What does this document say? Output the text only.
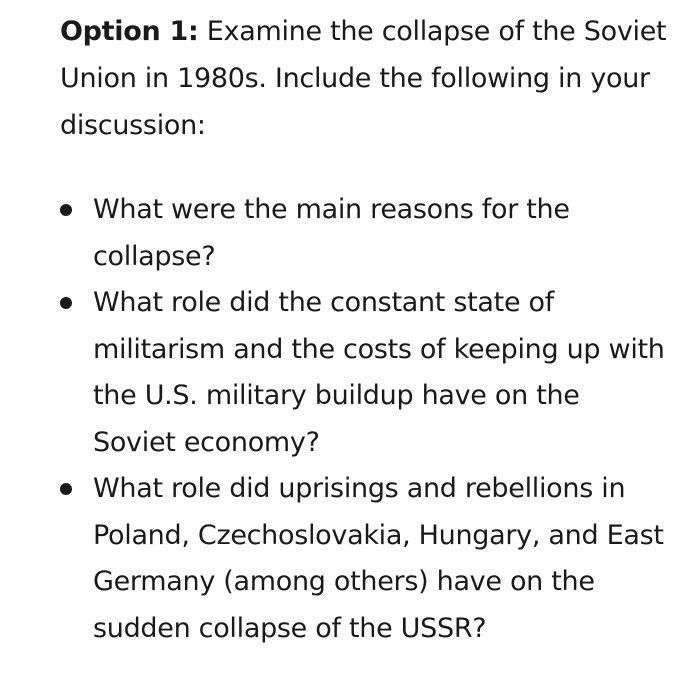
Option 1: Examine the collapse of the Soviet Union in 1980s. Include the following in your discussion:

What were the main reasons for the collapse?
What role did the constant state of militarism and the costs of keeping up with the U.S. military buildup have on the Soviet economy?
What role did uprisings and rebellions in Poland, Czechoslovakia, Hungary, and East Germany (among others) have on the sudden collapse of the USSR?
